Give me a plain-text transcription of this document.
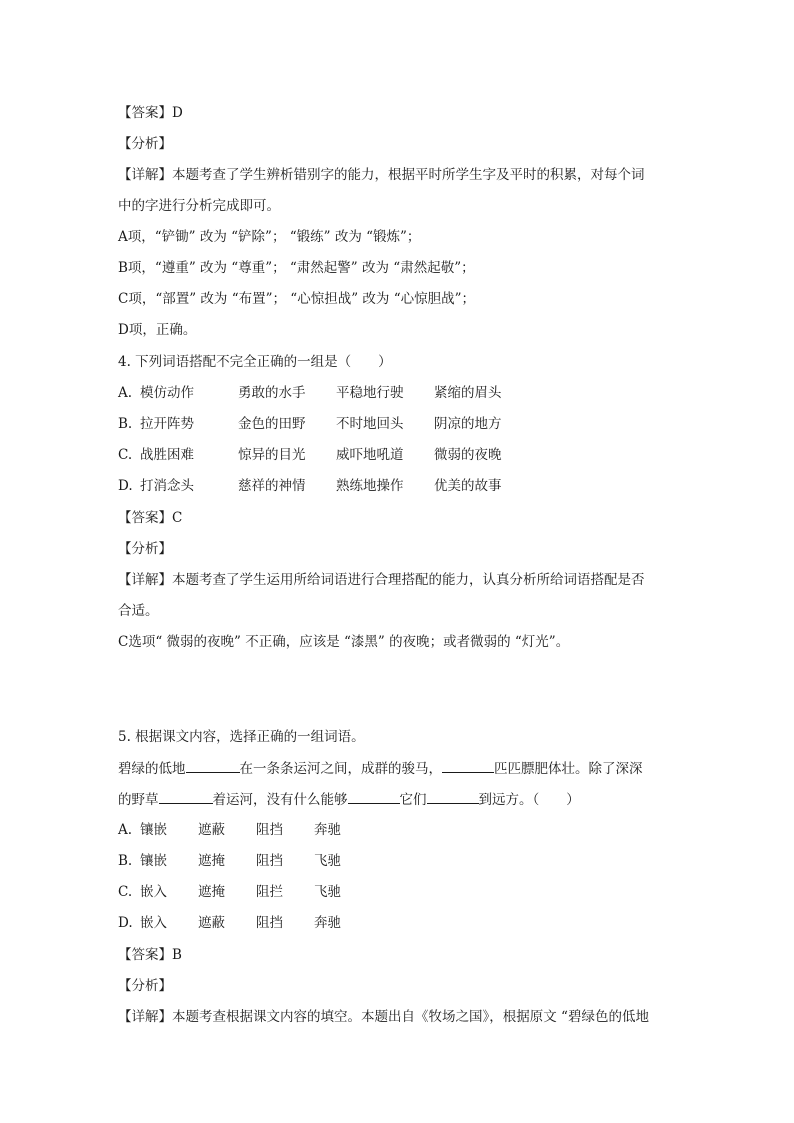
【答案】D
【分析】
【详解】本题考查了学生辨析错别字的能力，根据平时所学生字及平时的积累，对每个词
中的字进行分析完成即可。
A项，“铲锄” 改为 “铲除”； “锻练” 改为 “锻炼”；
B项，“遵重” 改为 “尊重”； “肃然起警” 改为 “肃然起敬”；
C项，“部置” 改为 “布置”； “心惊担战” 改为 “心惊胆战”；
D项，正确。
4. 下列词语搭配不完全正确的一组是（　　）
A. 模仿动作	勇敢的水手 平稳地行驶 紧缩的眉头
B. 拉开阵势	金色的田野 不时地回头 阴凉的地方
C. 战胜困难	惊异的目光 威吓地吼道 微弱的夜晚
D. 打消念头	慈祥的神情 熟练地操作 优美的故事
【答案】C
【分析】
【详解】本题考查了学生运用所给词语进行合理搭配的能力，认真分析所给词语搭配是否
合适。
C选项“ 微弱的夜晚” 不正确，应该是 “漆黑” 的夜晚；或者微弱的 “灯光”。
5. 根据课文内容，选择正确的一组词语。
碧绿的低地	在一条条运河之间，成群的骏马，	匹匹膘肥体壮。除了深深
的野草	着运河，没有什么能够	它们	到远方。（　　）
A. 镶嵌 遮蔽 阻挡 奔驰
B. 镶嵌 遮掩 阻挡 飞驰
C. 嵌入 遮掩 阻拦 飞驰
D. 嵌入 遮蔽 阻挡 奔驰
【答案】B
【分析】
【详解】本题考查根据课文内容的填空。本题出自《牧场之国》，根据原文 “碧绿色的低地
